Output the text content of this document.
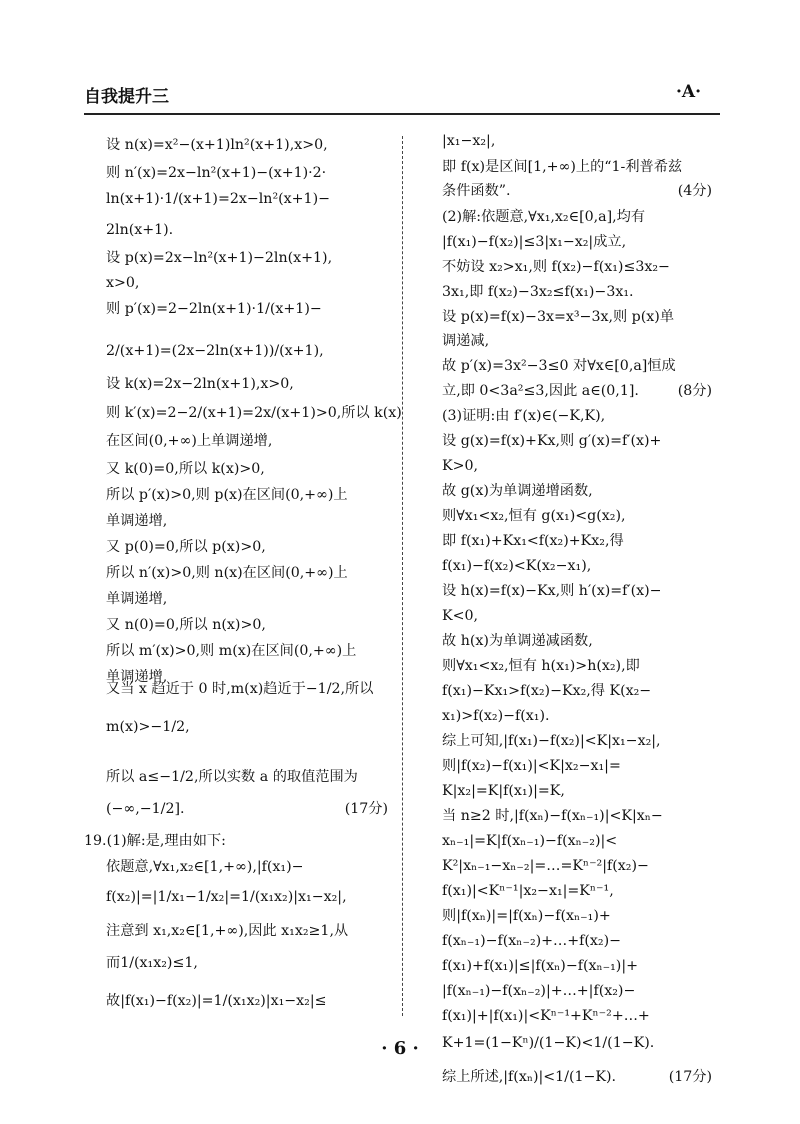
自我提升三	·A·
设 n(x)=x²−(x+1)ln²(x+1),x>0,
则 n′(x)=2x−ln²(x+1)−(x+1)·2·
ln(x+1)·1/(x+1)=2x−ln²(x+1)−
2ln(x+1).
设 p(x)=2x−ln²(x+1)−2ln(x+1),
x>0,
则 p′(x)=2−2ln(x+1)·1/(x+1)−
2/(x+1)=(2x−2ln(x+1))/(x+1),
设 k(x)=2x−2ln(x+1),x>0,
则 k′(x)=2−2/(x+1)=2x/(x+1)>0,所以 k(x)
在区间(0,+∞)上单调递增,
又 k(0)=0,所以 k(x)>0,
所以 p′(x)>0,则 p(x)在区间(0,+∞)上
单调递增,
又 p(0)=0,所以 p(x)>0,
所以 n′(x)>0,则 n(x)在区间(0,+∞)上
单调递增,
又 n(0)=0,所以 n(x)>0,
所以 m′(x)>0,则 m(x)在区间(0,+∞)上
单调递增,
又当 x 趋近于 0 时,m(x)趋近于−1/2,所以
m(x)>−1/2,
所以 a≤−1/2,所以实数 a 的取值范围为
(−∞,−1/2].	(17分)
19.(1)解:是,理由如下:
依题意,∀x₁,x₂∈[1,+∞),|f(x₁)−
f(x₂)|=|1/x₁−1/x₂|=1/(x₁x₂)|x₁−x₂|,
注意到 x₁,x₂∈[1,+∞),因此 x₁x₂≥1,从
而1/(x₁x₂)≤1,
故|f(x₁)−f(x₂)|=1/(x₁x₂)|x₁−x₂|≤
|x₁−x₂|,
即 f(x)是区间[1,+∞)上的“1-利普希兹
条件函数”.	(4分)
(2)解:依题意,∀x₁,x₂∈[0,a],均有
|f(x₁)−f(x₂)|≤3|x₁−x₂|成立,
不妨设 x₂>x₁,则 f(x₂)−f(x₁)≤3x₂−
3x₁,即 f(x₂)−3x₂≤f(x₁)−3x₁.
设 p(x)=f(x)−3x=x³−3x,则 p(x)单
调递减,
故 p′(x)=3x²−3≤0 对∀x∈[0,a]恒成
立,即 0<3a²≤3,因此 a∈(0,1].	(8分)
(3)证明:由 f′(x)∈(−K,K),
设 g(x)=f(x)+Kx,则 g′(x)=f′(x)+
K>0,
故 g(x)为单调递增函数,
则∀x₁<x₂,恒有 g(x₁)<g(x₂),
即 f(x₁)+Kx₁<f(x₂)+Kx₂,得
f(x₁)−f(x₂)<K(x₂−x₁),
设 h(x)=f(x)−Kx,则 h′(x)=f′(x)−
K<0,
故 h(x)为单调递减函数,
则∀x₁<x₂,恒有 h(x₁)>h(x₂),即
f(x₁)−Kx₁>f(x₂)−Kx₂,得 K(x₂−
x₁)>f(x₂)−f(x₁).
综上可知,|f(x₁)−f(x₂)|<K|x₁−x₂|,
则|f(x₂)−f(x₁)|<K|x₂−x₁|=
K|x₂|=K|f(x₁)|=K,
当 n≥2 时,|f(xₙ)−f(xₙ₋₁)|<K|xₙ−
xₙ₋₁|=K|f(xₙ₋₁)−f(xₙ₋₂)|<
K²|xₙ₋₁−xₙ₋₂|=…=Kⁿ⁻²|f(x₂)−
f(x₁)|<Kⁿ⁻¹|x₂−x₁|=Kⁿ⁻¹,
则|f(xₙ)|=|f(xₙ)−f(xₙ₋₁)+
f(xₙ₋₁)−f(xₙ₋₂)+…+f(x₂)−
f(x₁)+f(x₁)|≤|f(xₙ)−f(xₙ₋₁)|+
|f(xₙ₋₁)−f(xₙ₋₂)|+…+|f(x₂)−
f(x₁)|+|f(x₁)|<Kⁿ⁻¹+Kⁿ⁻²+…+
K+1=(1−Kⁿ)/(1−K)<1/(1−K).
综上所述,|f(xₙ)|<1/(1−K).	(17分)
· 6 ·
